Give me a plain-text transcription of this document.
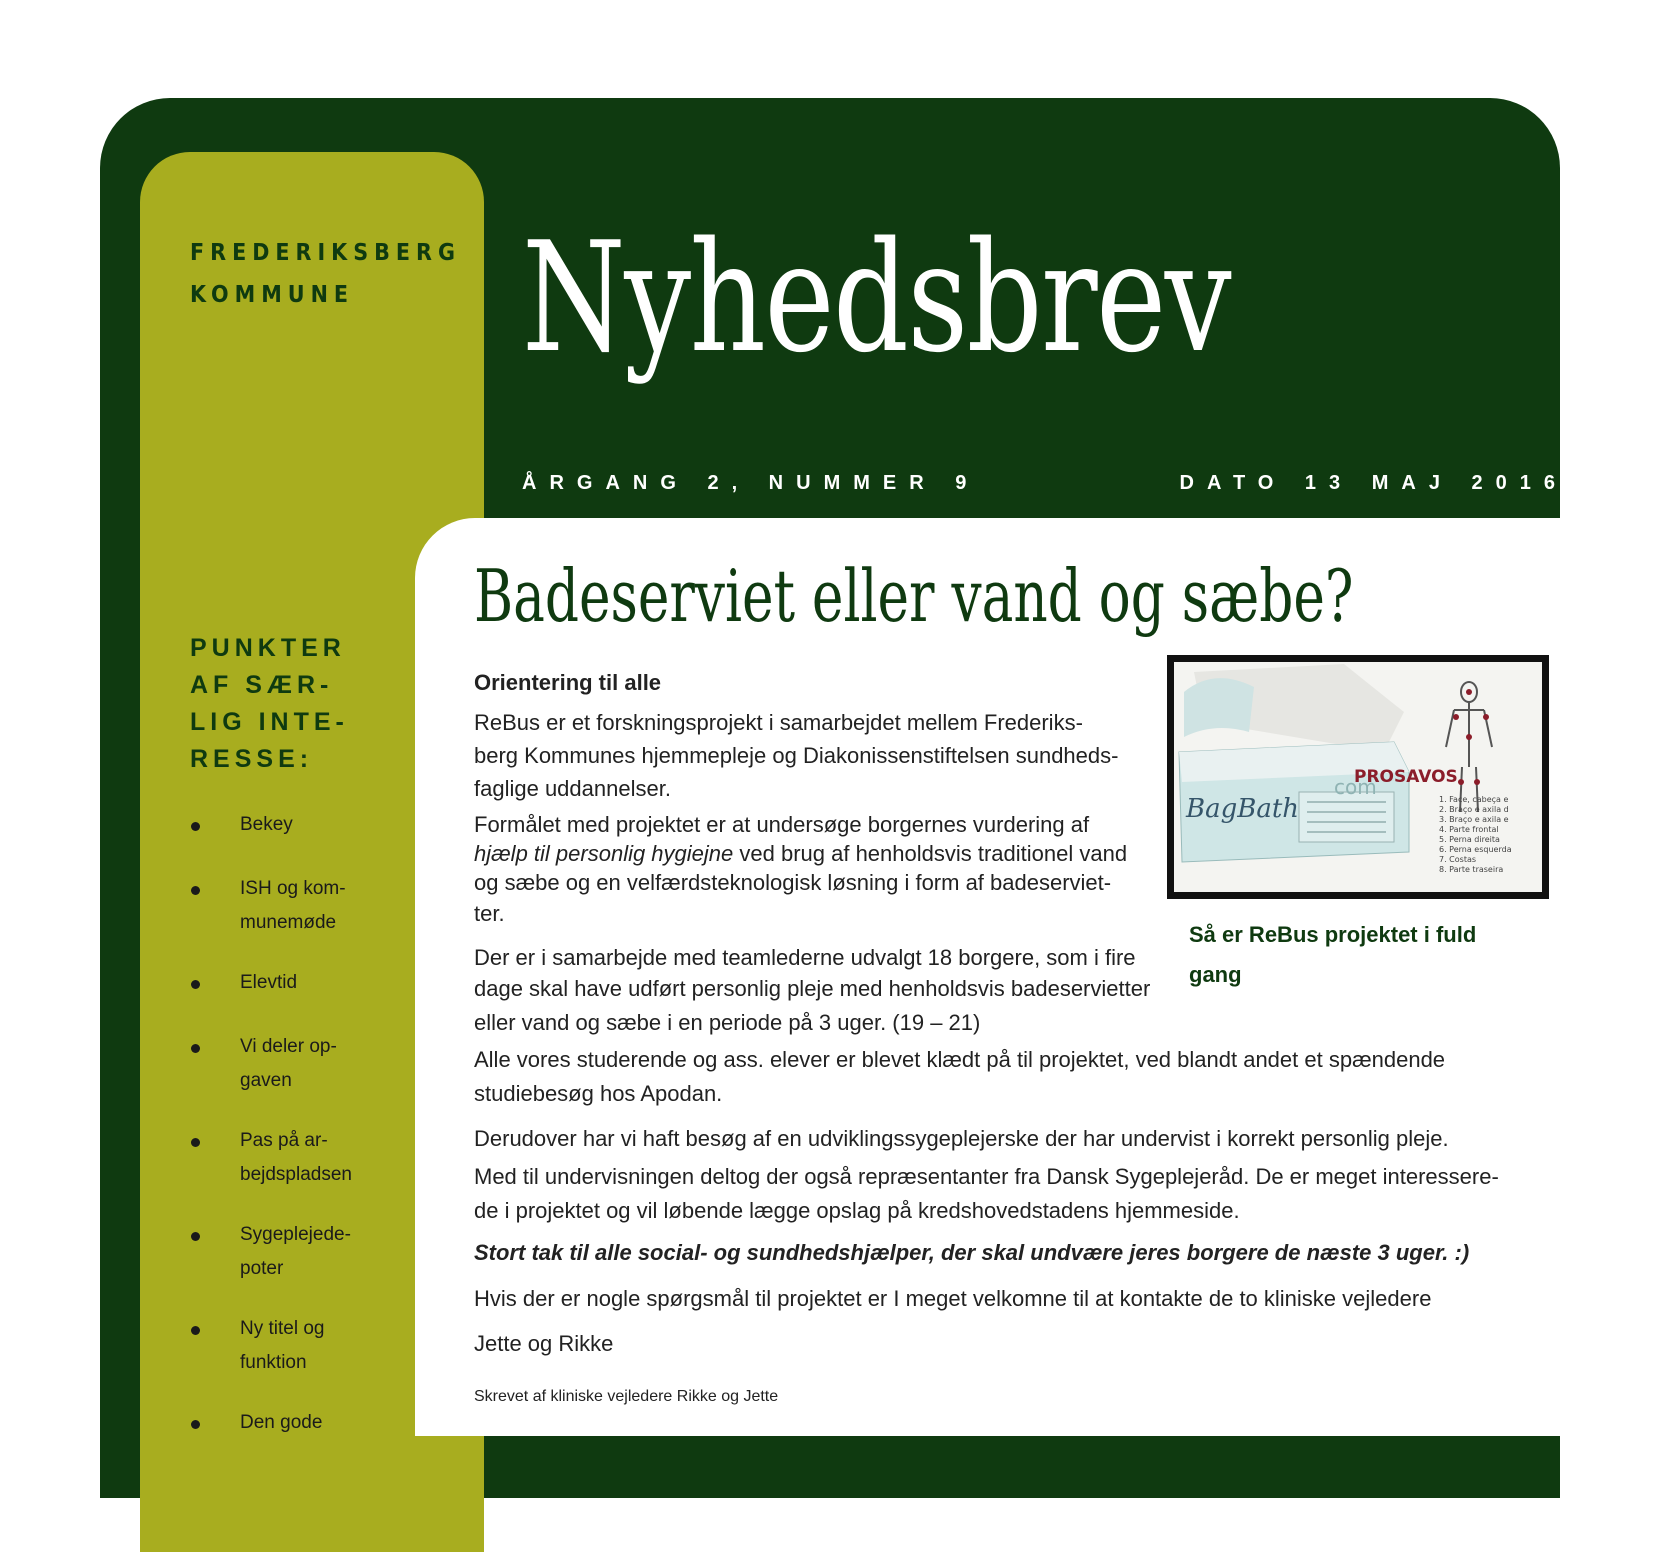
FREDERIKSBERG
KOMMUNE	Nyhedsbrev
ÅRGANG 2, NUMMER 9	DATO 13 MAJ 2016
PUNKTER
AF SÆR-
LIG INTE-
RESSE:
Bekey
ISH og kom-
munemøde
Elevtid
Vi deler op-
gaven
Pas på ar-
bejdspladsen
Sygeplejede-
poter
Ny titel og
funktion
Den gode
Badeserviet eller vand og sæbe?
Orientering til alle
ReBus er et forskningsprojekt i samarbejdet mellem Frederiks-
berg Kommunes hjemmepleje og Diakonissenstiftelsen sundheds-
faglige uddannelser.
Formålet med projektet er at undersøge borgernes vurdering af
hjælp til personlig hygiejne ved brug af henholdsvis traditionel vand
og sæbe og en velfærdsteknologisk løsning i form af badeserviet-
ter.
Der er i samarbejde med teamlederne udvalgt 18 borgere, som i fire
dage skal have udført personlig pleje med henholdsvis badeservietter
eller vand og sæbe i en periode på 3 uger. (19 – 21)
Alle vores studerende og ass. elever er blevet klædt på til projektet, ved blandt andet et spændende
studiebesøg hos Apodan.
Derudover har vi haft besøg af en udviklingssygeplejerske der har undervist i korrekt personlig pleje.
Med til undervisningen deltog der også repræsentanter fra Dansk Sygeplejeråd. De er meget interessere-
de i projektet og vil løbende lægge opslag på kredshovedstadens hjemmeside.
Stort tak til alle social- og sundhedshjælper, der skal undvære jeres borgere de næste 3 uger. :)
Hvis der er nogle spørgsmål til projektet er I meget velkomne til at kontakte de to kliniske vejledere
Jette og Rikke
Skrevet af kliniske vejledere Rikke og Jette
BagBath
com
PROSAVOS
1. Face, cabeça e
2. Braço e axila d
3. Braço e axila e
4. Parte frontal
5. Perna direita
6. Perna esquerda
7. Costas
8. Parte traseira
Så er ReBus projektet i fuld gang
